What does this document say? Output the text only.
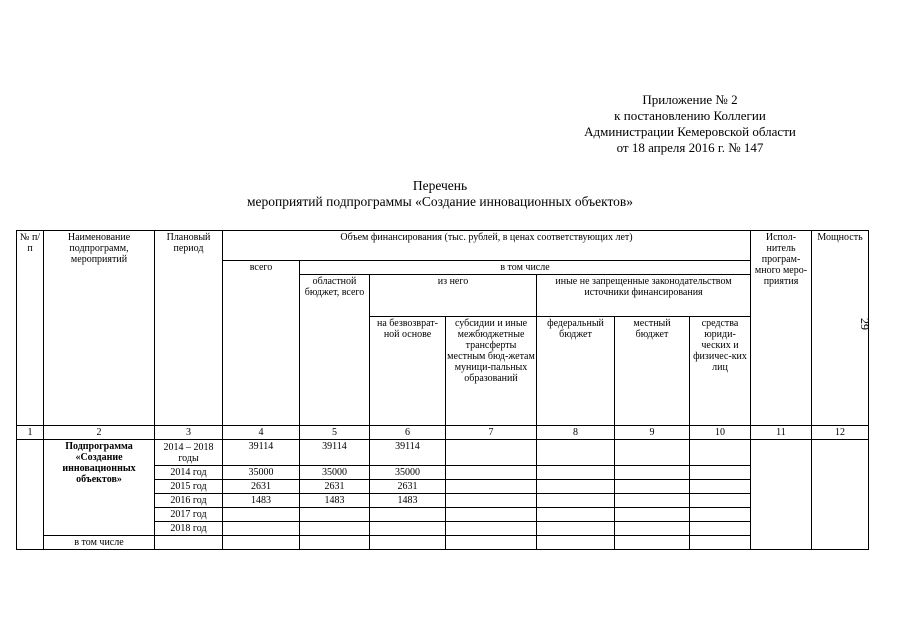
Приложение № 2
к постановлению Коллегии
Администрации Кемеровской области
от 18 апреля 2016 г. № 147
Перечень
мероприятий подпрограммы «Создание инновационных объектов»
29
№ п/п	Наименование подпрограмм, мероприятий	Плановый период	Объем финансирования (тыс. рублей, в ценах соответствующих лет)							Испол-нитель програм-много меро-приятия	Мощность
			всего	в том числе							
				областной бюджет, всего	из него		иные не запрещенные законодательством источники финансирования				
					на безвозврат-ной основе	субсидии и иные межбюджетные трансферты местным бюд-жетам муници-пальных образований	федеральный бюджет	местный бюджет	средства юриди-ческих и физичес-ких лиц		
1	2	3	4	5	6	7	8	9	10	11	12
	Подпрограмма «Создание инновационных объектов»	2014 – 2018 годы	39114	39114	39114						
		2014 год	35000	35000	35000						
		2015 год	2631	2631	2631						
		2016 год	1483	1483	1483						
		2017 год									
		2018 год									
	в том числе										
